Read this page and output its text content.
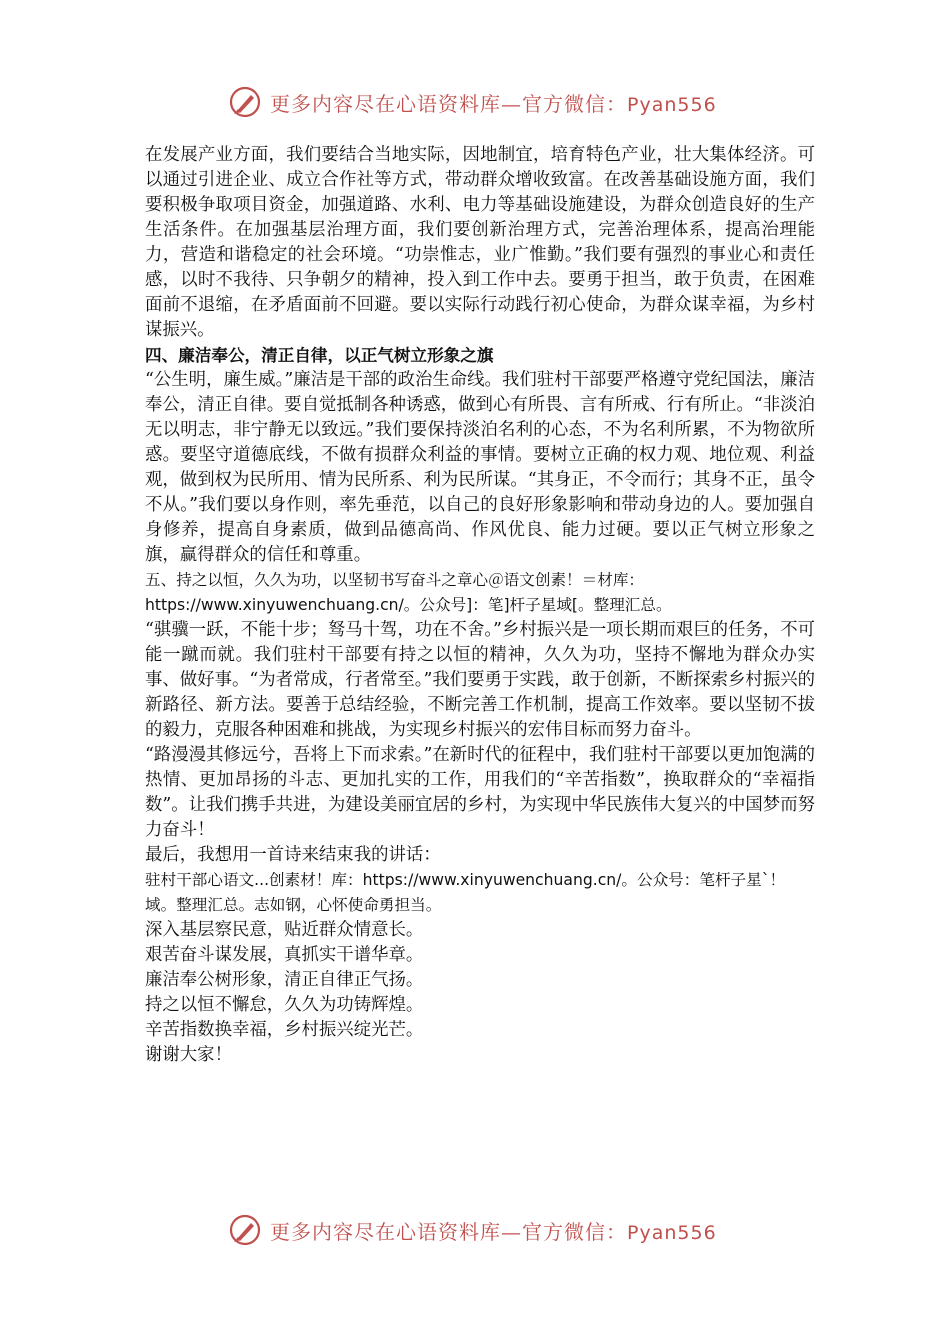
更多内容尽在心语资料库—官方微信：Pyan556

在发展产业方面，我们要结合当地实际，因地制宜，培育特色产业，壮大集体经济。可以通过引进企业、成立合作社等方式，带动群众增收致富。在改善基础设施方面，我们要积极争取项目资金，加强道路、水利、电力等基础设施建设，为群众创造良好的生产生活条件。在加强基层治理方面，我们要创新治理方式，完善治理体系，提高治理能力，营造和谐稳定的社会环境。“功崇惟志，业广惟勤。”我们要有强烈的事业心和责任感，以时不我待、只争朝夕的精神，投入到工作中去。要勇于担当，敢于负责，在困难面前不退缩，在矛盾面前不回避。要以实际行动践行初心使命，为群众谋幸福，为乡村谋振兴。

四、廉洁奉公，清正自律，以正气树立形象之旗

“公生明，廉生威。”廉洁是干部的政治生命线。我们驻村干部要严格遵守党纪国法，廉洁奉公，清正自律。要自觉抵制各种诱惑，做到心有所畏、言有所戒、行有所止。“非淡泊无以明志，非宁静无以致远。”我们要保持淡泊名利的心态，不为名利所累，不为物欲所惑。要坚守道德底线，不做有损群众利益的事情。要树立正确的权力观、地位观、利益观，做到权为民所用、情为民所系、利为民所谋。“其身正，不令而行；其身不正，虽令不从。”我们要以身作则，率先垂范，以自己的良好形象影响和带动身边的人。要加强自身修养，提高自身素质，做到品德高尚、作风优良、能力过硬。要以正气树立形象之旗，赢得群众的信任和尊重。

五、持之以恒，久久为功，以坚韧书写奋斗之章心＠语文创素！＝材库：https://www.xinyuwenchuang.cn/。公众号]：笔]杆子星域[。整理汇总。

“骐骥一跃，不能十步；驽马十驾，功在不舍。”乡村振兴是一项长期而艰巨的任务，不可能一蹴而就。我们驻村干部要有持之以恒的精神，久久为功，坚持不懈地为群众办实事、做好事。“为者常成，行者常至。”我们要勇于实践，敢于创新，不断探索乡村振兴的新路径、新方法。要善于总结经验，不断完善工作机制，提高工作效率。要以坚韧不拔的毅力，克服各种困难和挑战，为实现乡村振兴的宏伟目标而努力奋斗。

“路漫漫其修远兮，吾将上下而求索。”在新时代的征程中，我们驻村干部要以更加饱满的热情、更加昂扬的斗志、更加扎实的工作，用我们的“辛苦指数”，换取群众的“幸福指数”。让我们携手共进，为建设美丽宜居的乡村，为实现中华民族伟大复兴的中国梦而努力奋斗！

最后，我想用一首诗来结束我的讲话：

驻村干部心语文...创素材！库：https://www.xinyuwenchuang.cn/。公众号：笔杆子星`！域。整理汇总。志如钢，心怀使命勇担当。

深入基层察民意，贴近群众情意长。

艰苦奋斗谋发展，真抓实干谱华章。

廉洁奉公树形象，清正自律正气扬。

持之以恒不懈怠，久久为功铸辉煌。

辛苦指数换幸福，乡村振兴绽光芒。

谢谢大家！

更多内容尽在心语资料库—官方微信：Pyan556
